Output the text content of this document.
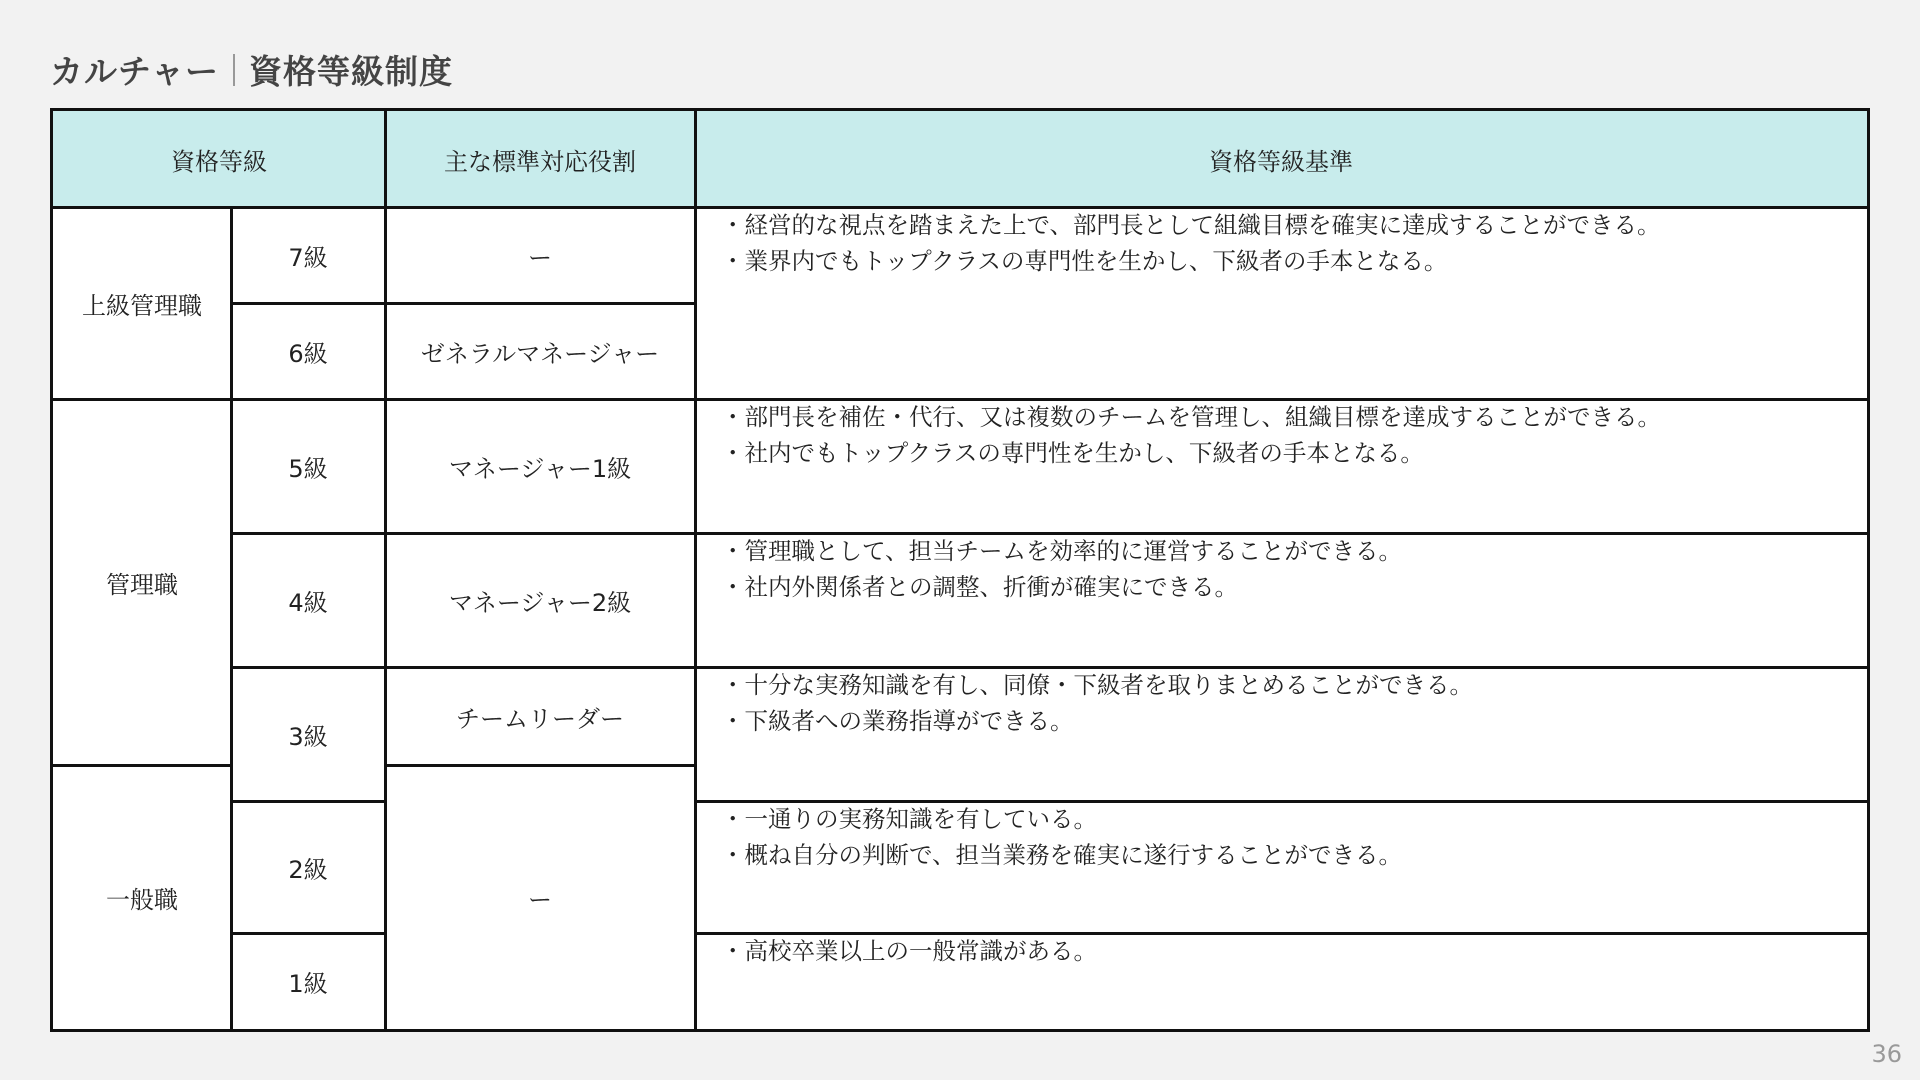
カルチャー 資格等級制度
資格等級	主な標準対応役割	資格等級基準
上級管理職
管理職
一般職
7級
6級
5級
4級
3級
2級
1級
ー
ゼネラルマネージャー
マネージャー1級
マネージャー2級
チームリーダー
ー
・経営的な視点を踏まえた上で、部門長として組織目標を確実に達成することができる。
・業界内でもトップクラスの専門性を生かし、下級者の手本となる。
・部門長を補佐・代行、又は複数のチームを管理し、組織目標を達成することができる。
・社内でもトップクラスの専門性を生かし、下級者の手本となる。
・管理職として、担当チームを効率的に運営することができる。
・社内外関係者との調整、折衝が確実にできる。
・十分な実務知識を有し、同僚・下級者を取りまとめることができる。
・下級者への業務指導ができる。
・一通りの実務知識を有している。
・概ね自分の判断で、担当業務を確実に遂行することができる。
・高校卒業以上の一般常識がある。
36
